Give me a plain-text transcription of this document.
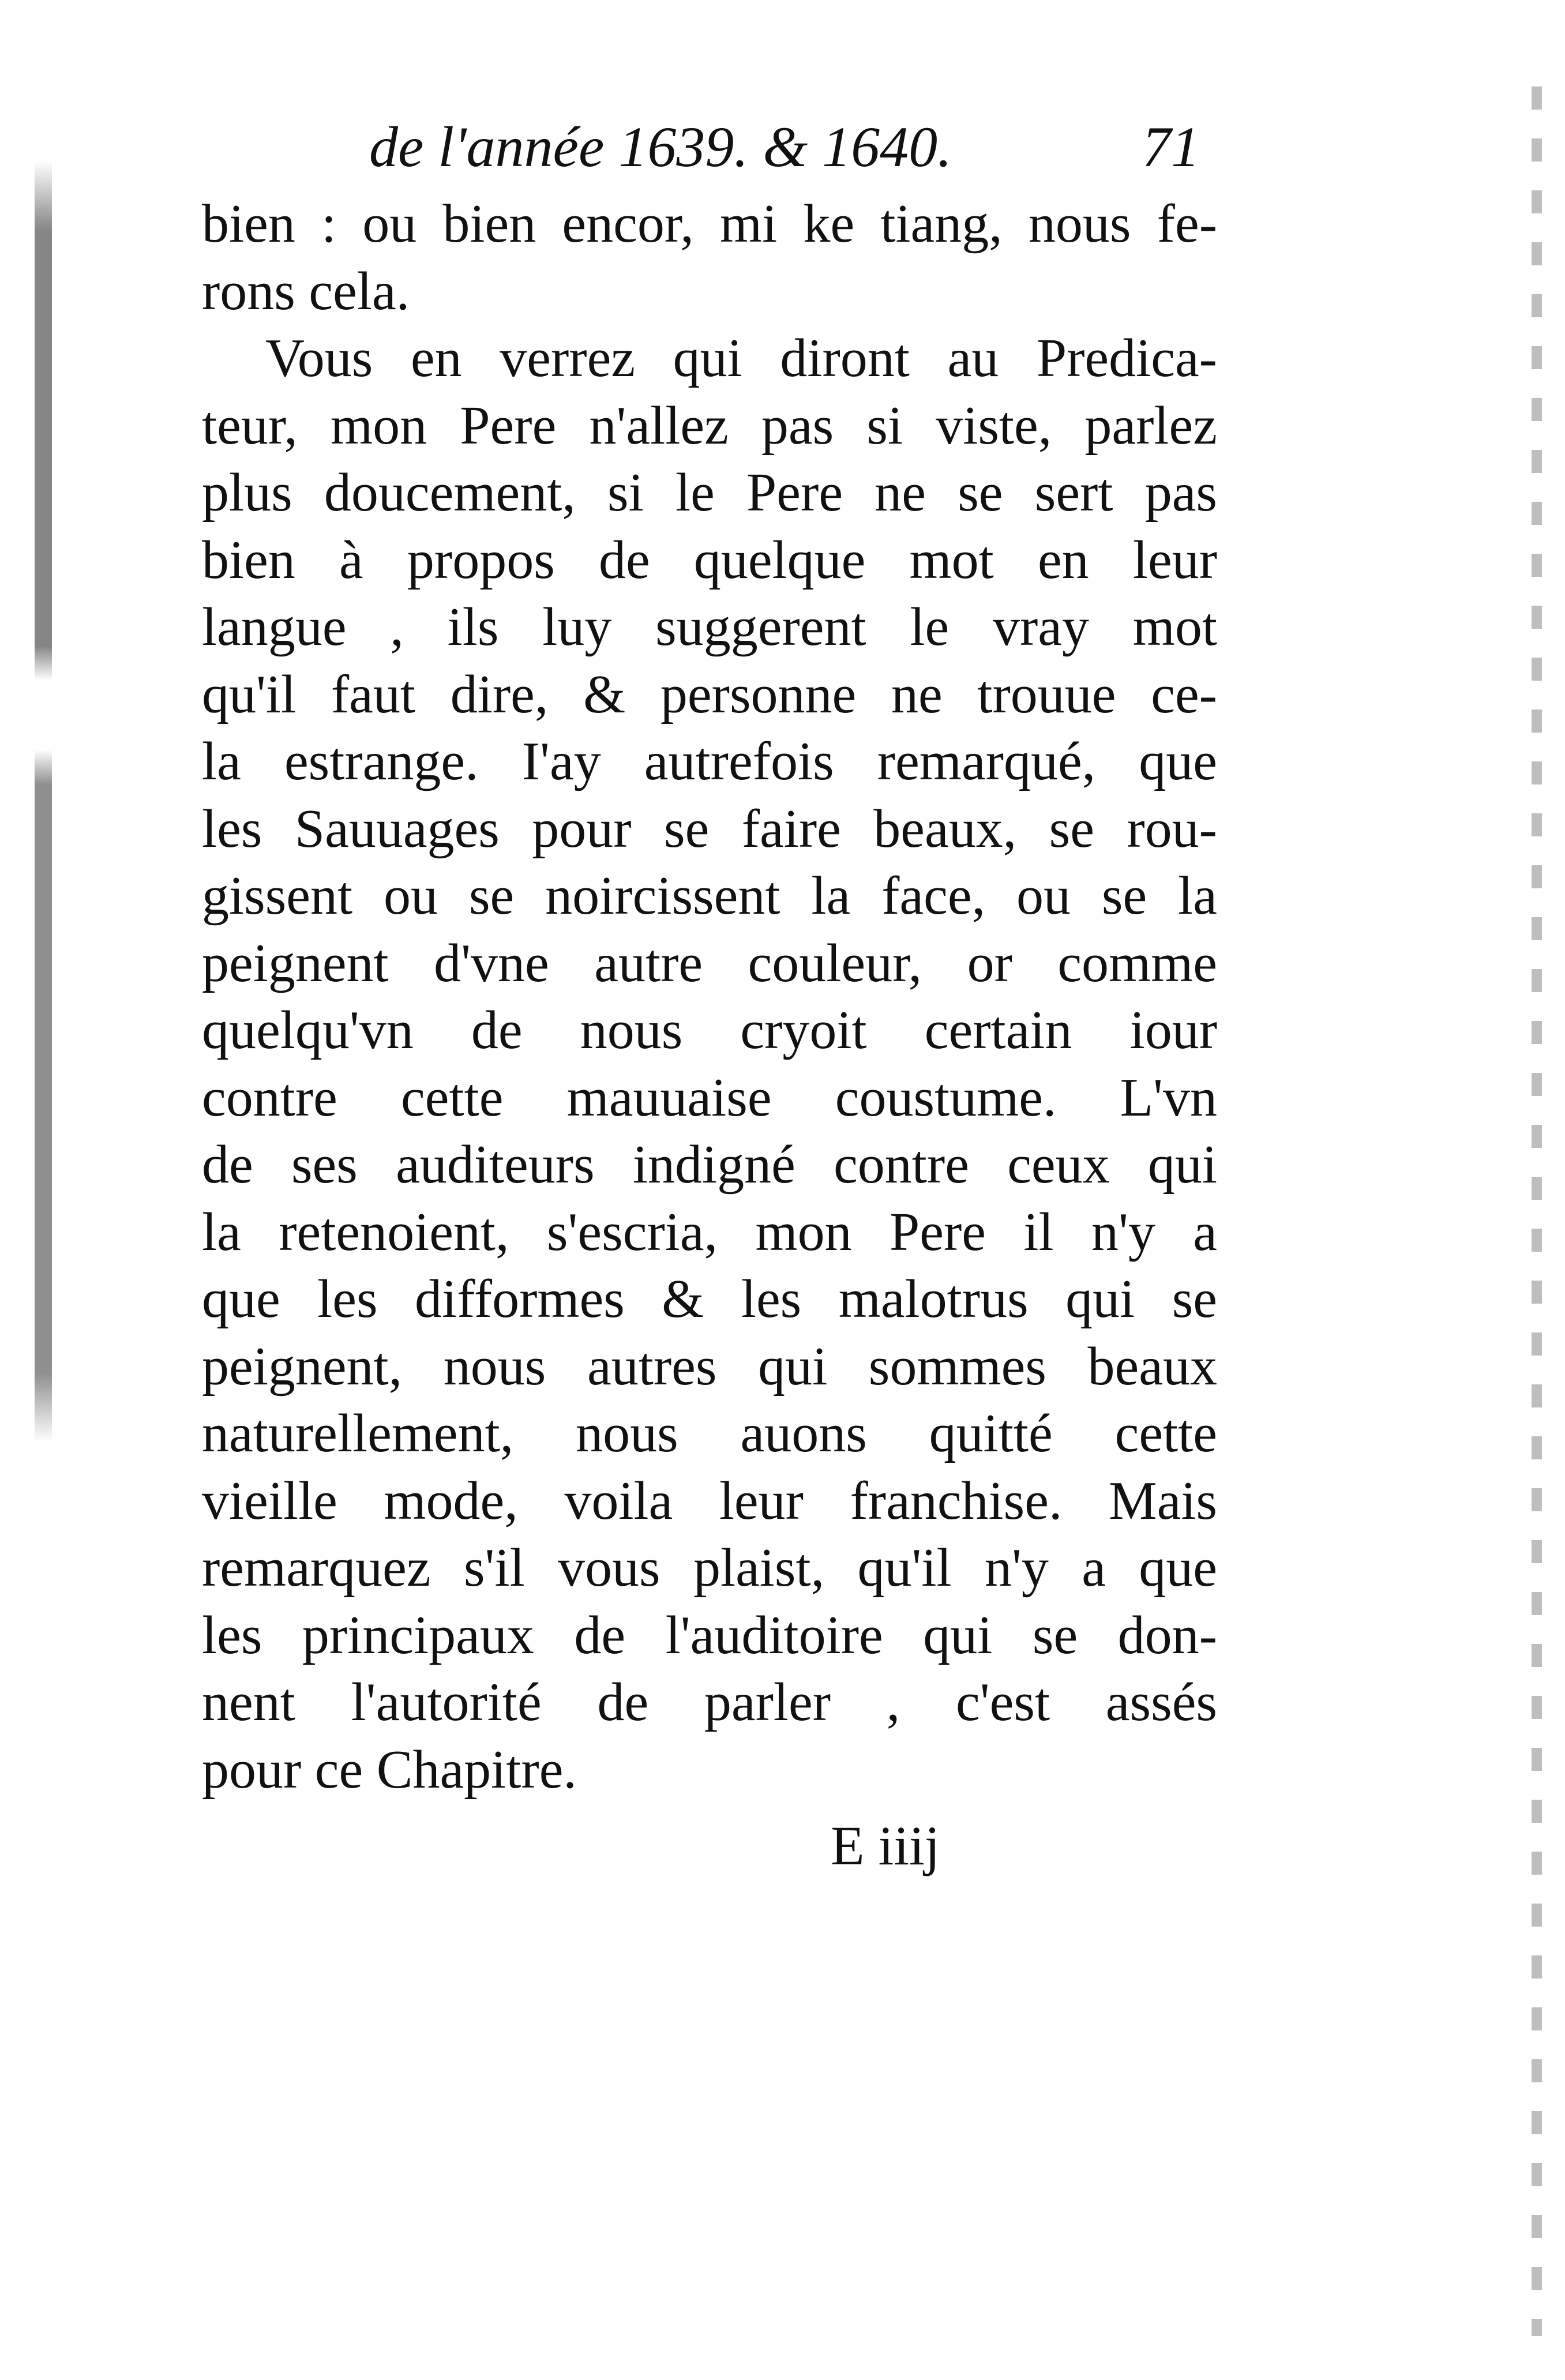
de l'année 1639. & 1640.	71
bien : ou bien encor, mi ke tiang, nous fe-
rons cela.
Vous en verrez qui diront au Predica-
teur, mon Pere n'allez pas si viste, parlez
plus doucement, si le Pere ne se sert pas
bien à propos de quelque mot en leur
langue , ils luy suggerent le vray mot
qu'il faut dire, & personne ne trouue ce-
la estrange. I'ay autrefois remarqué, que
les Sauuages pour se faire beaux, se rou-
gissent ou se noircissent la face, ou se la
peignent d'vne autre couleur, or comme
quelqu'vn de nous cryoit certain iour
contre cette mauuaise coustume. L'vn
de ses auditeurs indigné contre ceux qui
la retenoient, s'escria, mon Pere il n'y a
que les difformes & les malotrus qui se
peignent, nous autres qui sommes beaux
naturellement, nous auons quitté cette
vieille mode, voila leur franchise. Mais
remarquez s'il vous plaist, qu'il n'y a que
les principaux de l'auditoire qui se don-
nent l'autorité de parler , c'est assés
pour ce Chapitre.
E iiij
